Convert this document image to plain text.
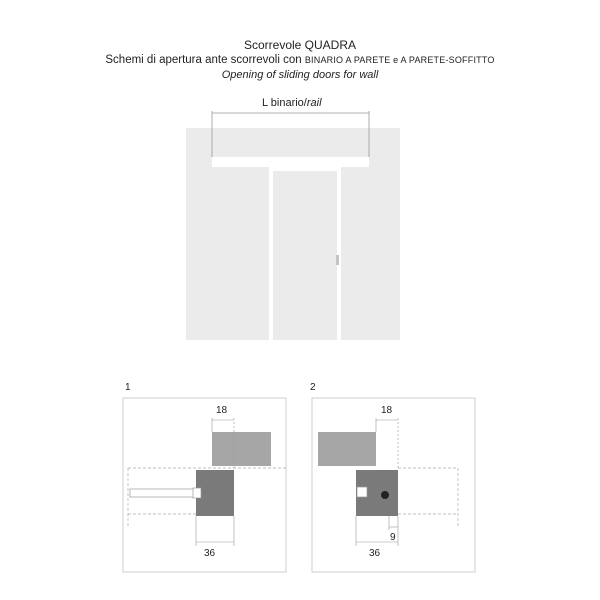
Scorrevole QUADRA
Schemi di apertura ante scorrevoli con BINARIO A PARETE e A PARETE-SOFFITTO
Opening of sliding doors for wall
L binario/rail
1
18
36
2
18
9
36
